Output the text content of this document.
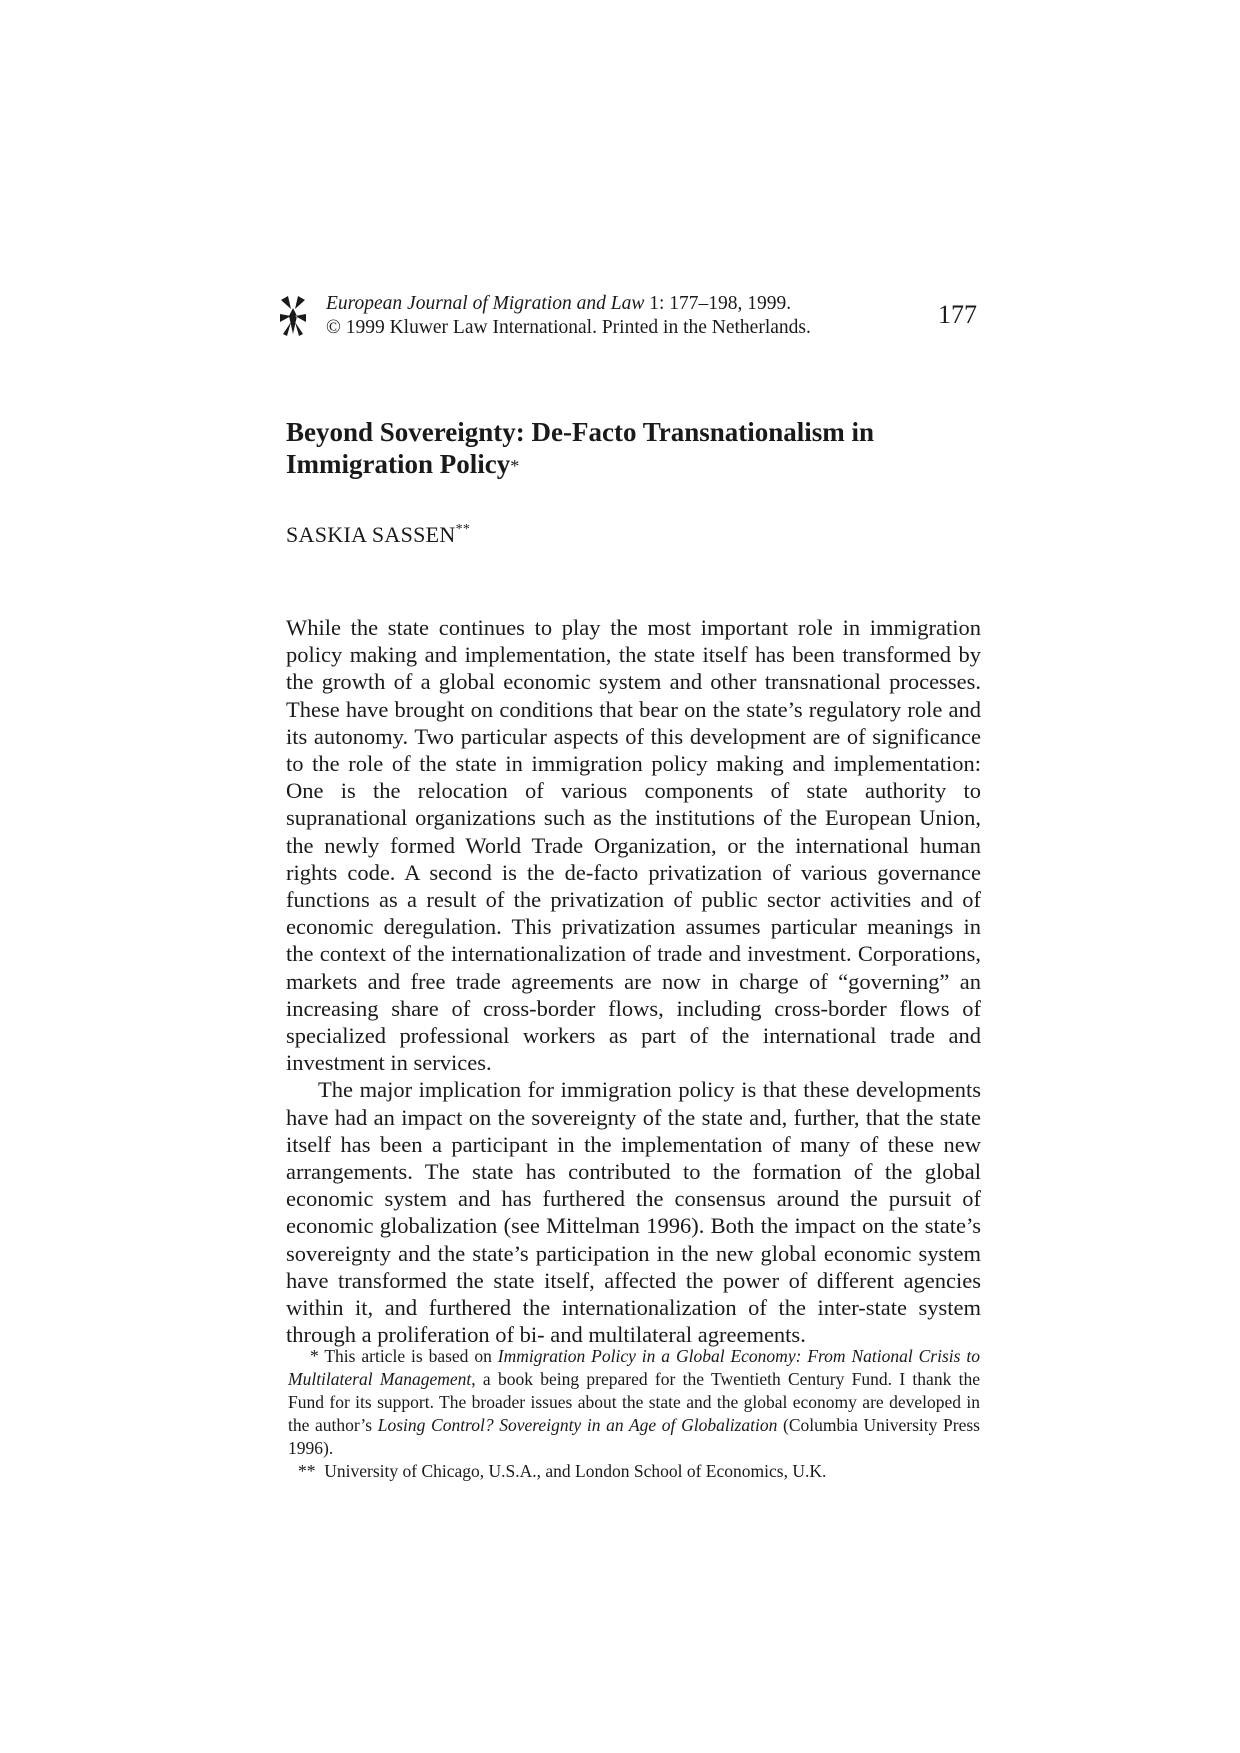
European Journal of Migration and Law 1: 177–198, 1999.
© 1999 Kluwer Law International. Printed in the Netherlands.	177
Beyond Sovereignty: De-Facto Transnationalism in Immigration Policy*
SASKIA SASSEN**

While the state continues to play the most important role in immigration policy making and implementation, the state itself has been transformed by the growth of a global economic system and other transnational processes. These have brought on conditions that bear on the state’s regulatory role and its autonomy. Two particular aspects of this development are of significance to the role of the state in immigration policy making and implementation: One is the relocation of various components of state authority to supranational organizations such as the institutions of the European Union, the newly formed World Trade Organization, or the international human rights code. A second is the de-facto privatization of various governance functions as a result of the privatization of public sector activities and of economic deregulation. This privatization assumes particular meanings in the context of the internationalization of trade and investment. Corporations, markets and free trade agreements are now in charge of “governing” an increasing share of cross-border flows, including cross-border flows of specialized professional workers as part of the international trade and investment in services.

The major implication for immigration policy is that these developments have had an impact on the sovereignty of the state and, further, that the state itself has been a participant in the implementation of many of these new arrangements. The state has contributed to the formation of the global economic system and has furthered the consensus around the pursuit of economic globalization (see Mittelman 1996). Both the impact on the state’s sovereignty and the state’s participation in the new global economic system have transformed the state itself, affected the power of different agencies within it, and furthered the internationalization of the inter-state system through a proliferation of bi- and multilateral agreements.

* This article is based on Immigration Policy in a Global Economy: From National Crisis to Multilateral Management, a book being prepared for the Twentieth Century Fund. I thank the Fund for its support. The broader issues about the state and the global economy are developed in the author’s Losing Control? Sovereignty in an Age of Globalization (Columbia University Press 1996).

** University of Chicago, U.S.A., and London School of Economics, U.K.
